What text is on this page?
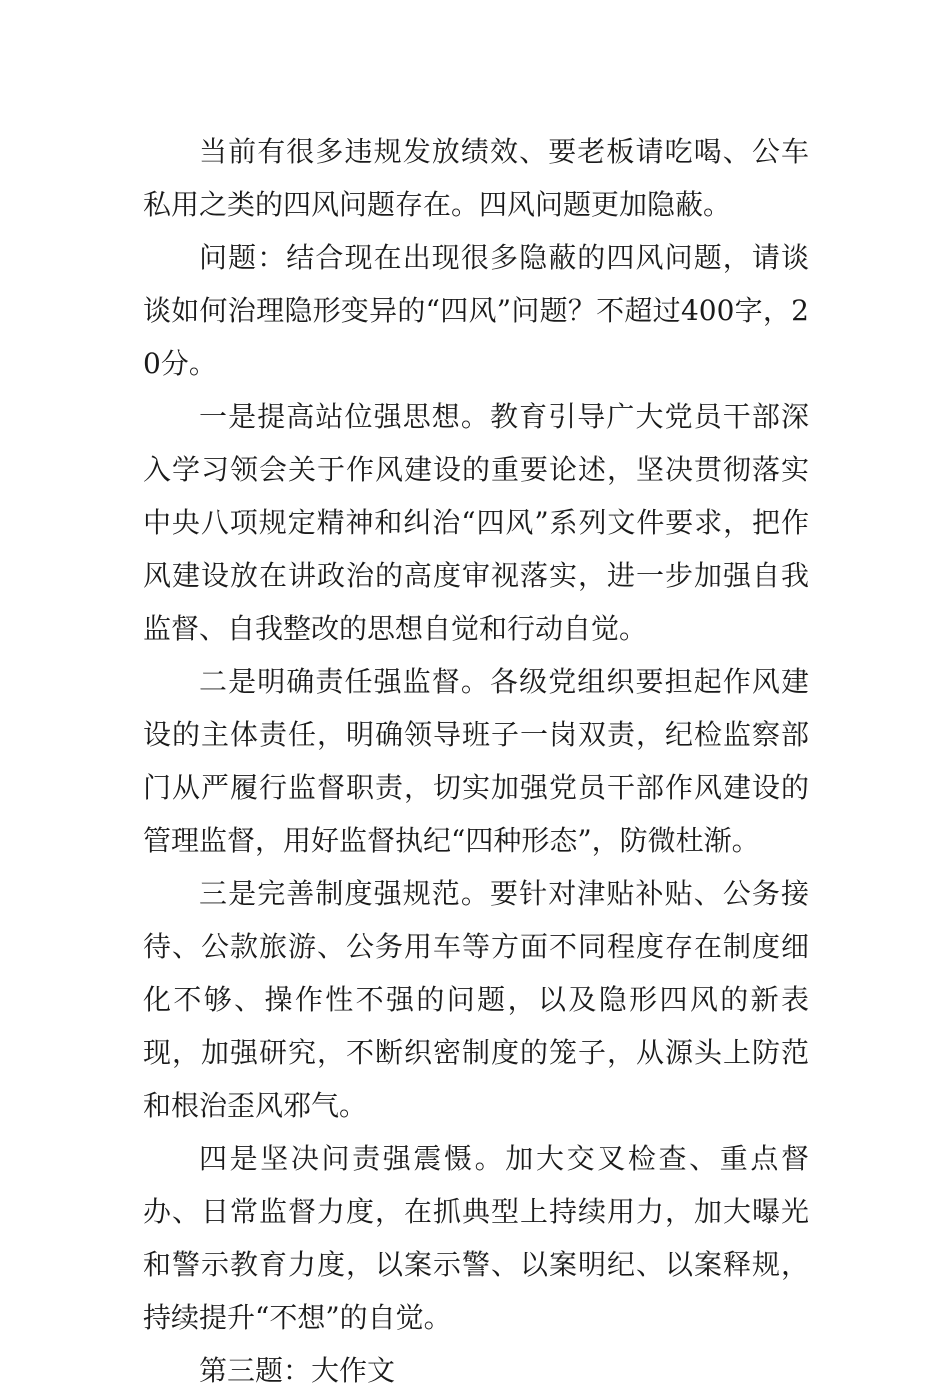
当前有很多违规发放绩效、要老板请吃喝、公车私用之类的四风问题存在。四风问题更加隐蔽。

问题：结合现在出现很多隐蔽的四风问题，请谈谈如何治理隐形变异的“四风”问题？不超过400字，20分。

一是提高站位强思想。教育引导广大党员干部深入学习领会关于作风建设的重要论述，坚决贯彻落实中央八项规定精神和纠治“四风”系列文件要求，把作风建设放在讲政治的高度审视落实，进一步加强自我监督、自我整改的思想自觉和行动自觉。

二是明确责任强监督。各级党组织要担起作风建设的主体责任，明确领导班子一岗双责，纪检监察部门从严履行监督职责，切实加强党员干部作风建设的管理监督，用好监督执纪“四种形态”，防微杜渐。

三是完善制度强规范。要针对津贴补贴、公务接待、公款旅游、公务用车等方面不同程度存在制度细化不够、操作性不强的问题，以及隐形四风的新表现，加强研究，不断织密制度的笼子，从源头上防范和根治歪风邪气。

四是坚决问责强震慑。加大交叉检查、重点督办、日常监督力度，在抓典型上持续用力，加大曝光和警示教育力度，以案示警、以案明纪、以案释规，持续提升“不想”的自觉。

第三题：大作文
